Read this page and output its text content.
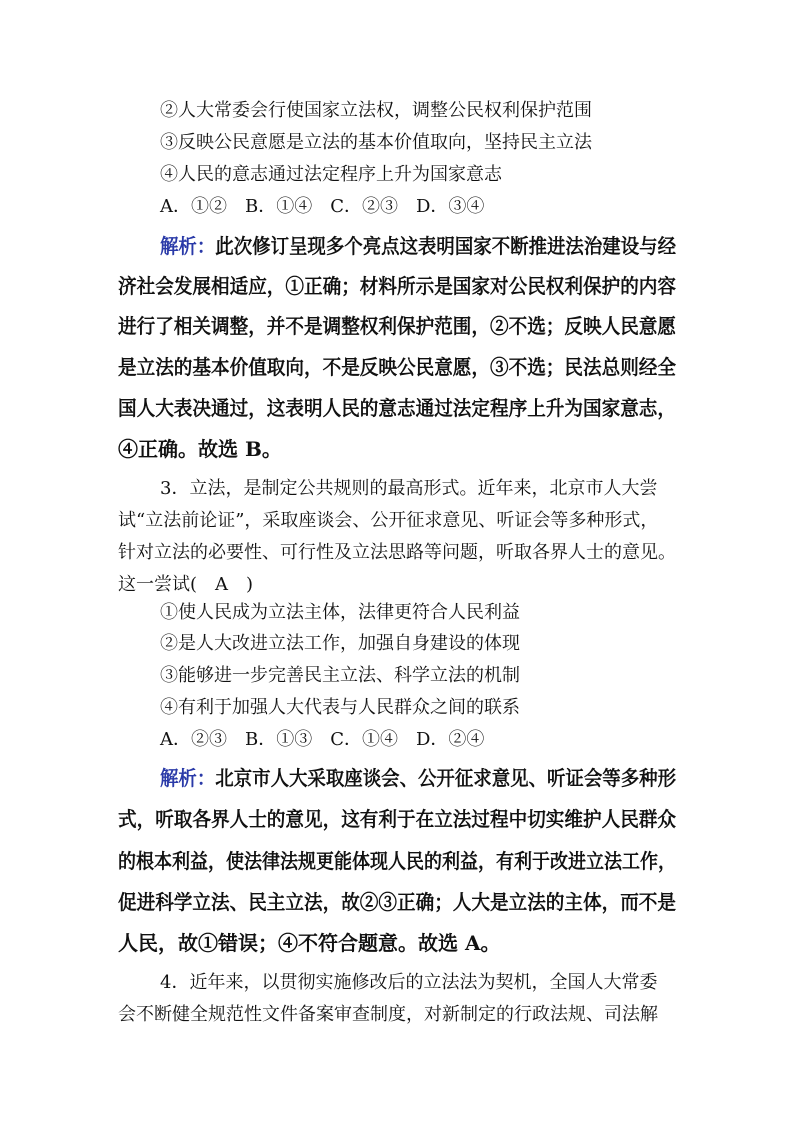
②人大常委会行使国家立法权，调整公民权利保护范围
③反映公民意愿是立法的基本价值取向，坚持民主立法
④人民的意志通过法定程序上升为国家意志
A．①②　B．①④　C．②③　D．③④
解析：此次修订呈现多个亮点这表明国家不断推进法治建设与经
济社会发展相适应，①正确；材料所示是国家对公民权利保护的内容
进行了相关调整，并不是调整权利保护范围，②不选；反映人民意愿
是立法的基本价值取向，不是反映公民意愿，③不选；民法总则经全
国人大表决通过，这表明人民的意志通过法定程序上升为国家意志，
④正确。故选 B。
3．立法，是制定公共规则的最高形式。近年来，北京市人大尝
试“立法前论证”，采取座谈会、公开征求意见、听证会等多种形式，
针对立法的必要性、可行性及立法思路等问题，听取各界人士的意见。
这一尝试(　A　)
①使人民成为立法主体，法律更符合人民利益
②是人大改进立法工作，加强自身建设的体现
③能够进一步完善民主立法、科学立法的机制
④有利于加强人大代表与人民群众之间的联系
A．②③　B．①③　C．①④　D．②④
解析：北京市人大采取座谈会、公开征求意见、听证会等多种形
式，听取各界人士的意见，这有利于在立法过程中切实维护人民群众
的根本利益，使法律法规更能体现人民的利益，有利于改进立法工作，
促进科学立法、民主立法，故②③正确；人大是立法的主体，而不是
人民，故①错误；④不符合题意。故选 A。
4．近年来，以贯彻实施修改后的立法法为契机，全国人大常委
会不断健全规范性文件备案审查制度，对新制定的行政法规、司法解
